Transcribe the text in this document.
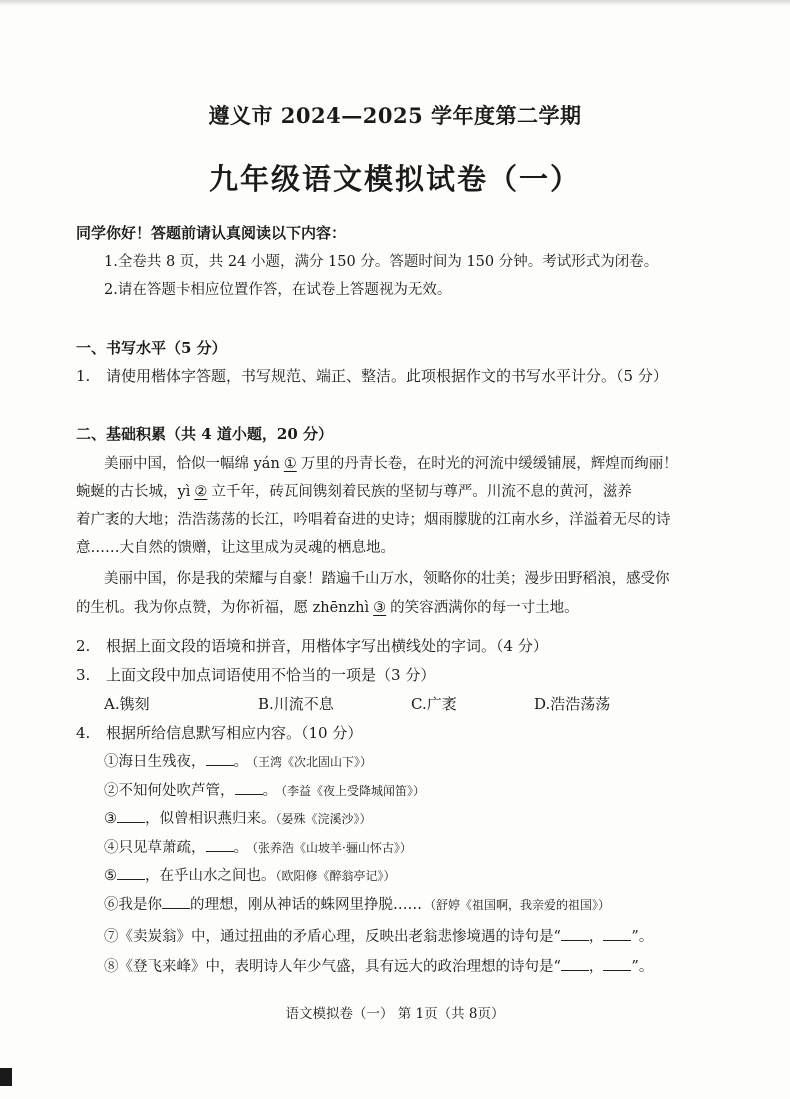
遵义市 2024—2025 学年度第二学期
九年级语文模拟试卷（一）
同学你好！答题前请认真阅读以下内容：
1.全卷共 8 页，共 24 小题，满分 150 分。答题时间为 150 分钟。考试形式为闭卷。
2.请在答题卡相应位置作答，在试卷上答题视为无效。
一、书写水平（5 分）
1. 请使用楷体字答题，书写规范、端正、整洁。此项根据作文的书写水平计分。（5 分）
二、基础积累（共 4 道小题，20 分）
美丽中国，恰似一幅绵 yán ① 万里的丹青长卷，在时光的河流中缓缓铺展，辉煌而绚丽！
蜿蜒的古长城，yì ② 立千年，砖瓦间镌刻着民族的坚韧与尊严。川流不息的黄河，滋养
着广袤的大地；浩浩荡荡的长江，吟唱着奋进的史诗；烟雨朦胧的江南水乡，洋溢着无尽的诗
意……大自然的馈赠，让这里成为灵魂的栖息地。
美丽中国，你是我的荣耀与自豪！踏遍千山万水，领略你的壮美；漫步田野稻浪，感受你
的生机。我为你点赞，为你祈福，愿 zhēnzhì ③ 的笑容洒满你的每一寸土地。
2. 根据上面文段的语境和拼音，用楷体字写出横线处的字词。（4 分）
3. 上面文段中加点词语使用不恰当的一项是（3 分）
A.镌刻	B.川流不息	C.广袤	D.浩浩荡荡
4. 根据所给信息默写相应内容。（10 分）
①海日生残夜， 。 （王湾《次北固山下》）
②不知何处吹芦管， 。 （李益《夜上受降城闻笛》）
③ ，似曾相识燕归来。（晏殊《浣溪沙》）
④只见草萧疏， 。 （张养浩《山坡羊·骊山怀古》）
⑤ ，在乎山水之间也。（欧阳修《醉翁亭记》）
⑥我是你 的理想，刚从神话的蛛网里挣脱…… （舒婷《祖国啊，我亲爱的祖国》）
⑦《卖炭翁》中，通过扭曲的矛盾心理，反映出老翁悲惨境遇的诗句是“ ， ”。
⑧《登飞来峰》中，表明诗人年少气盛，具有远大的政治理想的诗句是“ ， ”。
语文模拟卷（一） 第 1页（共 8页）
